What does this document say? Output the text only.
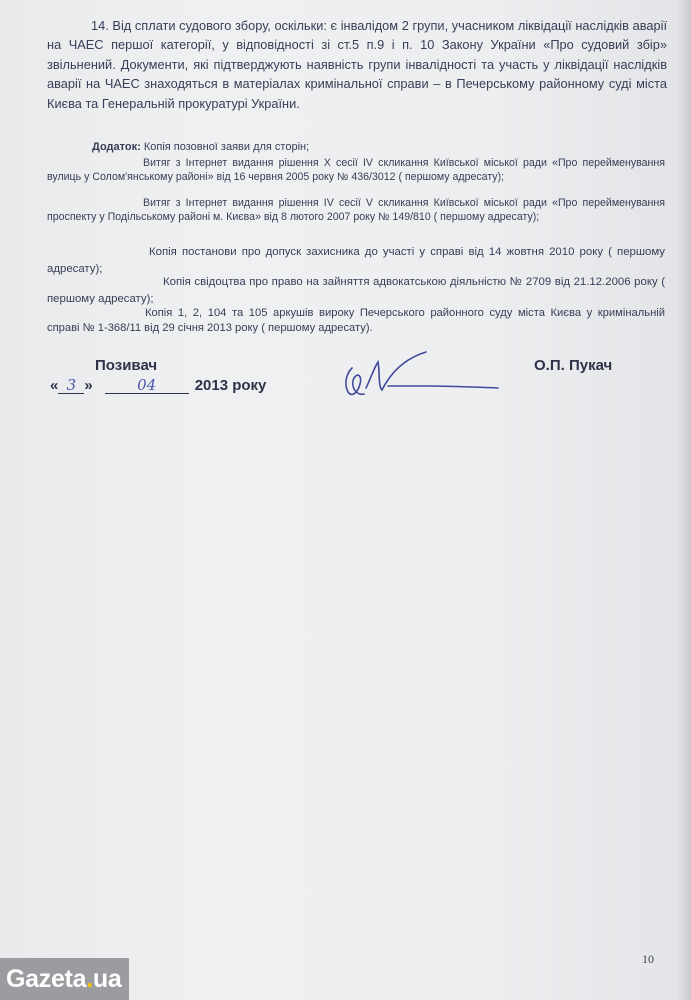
14. Від сплати судового збору, оскільки: є інвалідом 2 групи, учасником ліквідації наслідків аварії на ЧАЕС першої категорії, у відповідності зі ст.5 п.9 і п. 10 Закону України «Про судовий збір» звільнений. Документи, які підтверджують наявність групи інвалідності та участь у ліквідації наслідків аварії на ЧАЕС знаходяться в матеріалах кримінальної справи – в Печерському районному суді міста Києва та Генеральній прокуратурі України.
Додаток: Копія позовної заяви для сторін;
Витяг з Інтернет видання рішення X сесії IV скликання Київської міської ради «Про перейменування вулиць у Солом'янському районі» від 16 червня 2005 року № 436/3012 ( першому адресату);
Витяг з Інтернет видання рішення IV сесії V скликання Київської міської ради «Про перейменування проспекту у Подільському районі м. Києва» від 8 лютого 2007 року № 149/810 ( першому адресату);
Копія постанови про допуск захисника до участі у справі від 14 жовтня 2010 року ( першому адресату);
Копія свідоцтва про право на зайняття адвокатською діяльністю № 2709 від 21.12.2006 року ( першому адресату);
Копія 1, 2, 104 та 105 аркушів вироку Печерського районного суду міста Києва у кримінальній справі № 1-368/11 від 29 січня 2013 року ( першому адресату).
Позивач	О.П. Пукач
« 3 »	04	2013 року
10
Gazeta.ua
